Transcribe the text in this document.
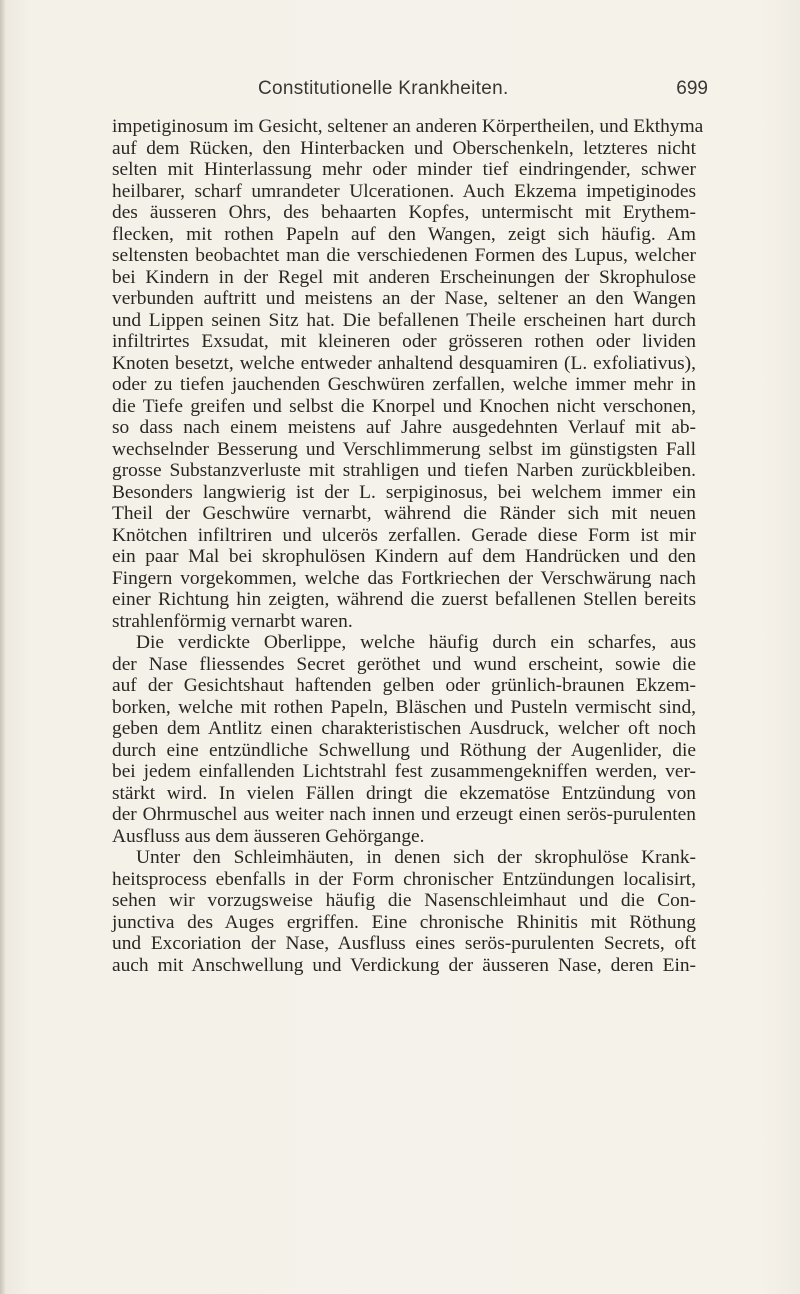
Constitutionelle Krankheiten.	699
impetiginosum im Gesicht, seltener an anderen Körpertheilen, und Ekthyma
auf dem Rücken, den Hinterbacken und Oberschenkeln, letzteres nicht
selten mit Hinterlassung mehr oder minder tief eindringender, schwer
heilbarer, scharf umrandeter Ulcerationen. Auch Ekzema impetiginodes
des äusseren Ohrs, des behaarten Kopfes, untermischt mit Erythem-
flecken, mit rothen Papeln auf den Wangen, zeigt sich häufig. Am
seltensten beobachtet man die verschiedenen Formen des Lupus, welcher
bei Kindern in der Regel mit anderen Erscheinungen der Skrophulose
verbunden auftritt und meistens an der Nase, seltener an den Wangen
und Lippen seinen Sitz hat. Die befallenen Theile erscheinen hart durch
infiltrirtes Exsudat, mit kleineren oder grösseren rothen oder lividen
Knoten besetzt, welche entweder anhaltend desquamiren (L. exfoliativus),
oder zu tiefen jauchenden Geschwüren zerfallen, welche immer mehr in
die Tiefe greifen und selbst die Knorpel und Knochen nicht verschonen,
so dass nach einem meistens auf Jahre ausgedehnten Verlauf mit ab-
wechselnder Besserung und Verschlimmerung selbst im günstigsten Fall
grosse Substanzverluste mit strahligen und tiefen Narben zurückbleiben.
Besonders langwierig ist der L. serpiginosus, bei welchem immer ein
Theil der Geschwüre vernarbt, während die Ränder sich mit neuen
Knötchen infiltriren und ulcerös zerfallen. Gerade diese Form ist mir
ein paar Mal bei skrophulösen Kindern auf dem Handrücken und den
Fingern vorgekommen, welche das Fortkriechen der Verschwärung nach
einer Richtung hin zeigten, während die zuerst befallenen Stellen bereits
strahlenförmig vernarbt waren.
Die verdickte Oberlippe, welche häufig durch ein scharfes, aus
der Nase fliessendes Secret geröthet und wund erscheint, sowie die
auf der Gesichtshaut haftenden gelben oder grünlich-braunen Ekzem-
borken, welche mit rothen Papeln, Bläschen und Pusteln vermischt sind,
geben dem Antlitz einen charakteristischen Ausdruck, welcher oft noch
durch eine entzündliche Schwellung und Röthung der Augenlider, die
bei jedem einfallenden Lichtstrahl fest zusammengekniffen werden, ver-
stärkt wird. In vielen Fällen dringt die ekzematöse Entzündung von
der Ohrmuschel aus weiter nach innen und erzeugt einen serös-purulenten
Ausfluss aus dem äusseren Gehörgange.
Unter den Schleimhäuten, in denen sich der skrophulöse Krank-
heitsprocess ebenfalls in der Form chronischer Entzündungen localisirt,
sehen wir vorzugsweise häufig die Nasenschleimhaut und die Con-
junctiva des Auges ergriffen. Eine chronische Rhinitis mit Röthung
und Excoriation der Nase, Ausfluss eines serös-purulenten Secrets, oft
auch mit Anschwellung und Verdickung der äusseren Nase, deren Ein-
